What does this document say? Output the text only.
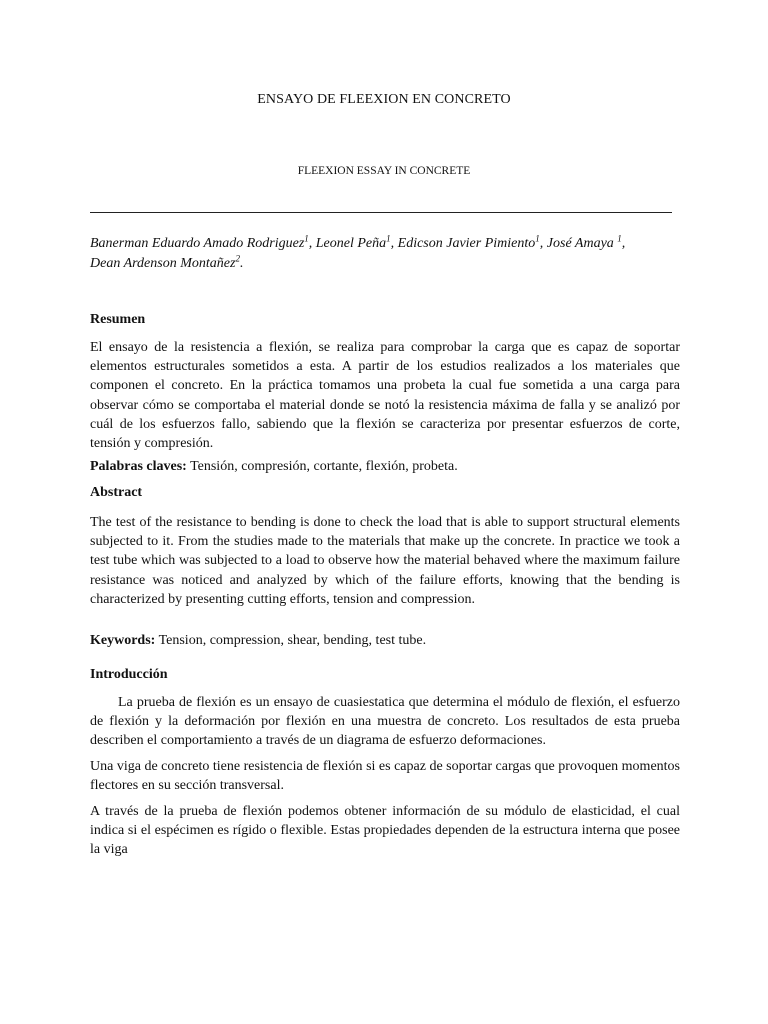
ENSAYO DE FLEEXION EN CONCRETO
FLEEXION ESSAY IN CONCRETE
Banerman Eduardo Amado Rodriguez$^1$, Leonel Peña$^1$, Edicson Javier Pimiento$^1$, José Amaya $^1$,
Dean Ardenson Montañez$^2$.
Resumen
El ensayo de la resistencia a flexión, se realiza para comprobar la carga que es capaz de soportar elementos estructurales sometidos a esta. A partir de los estudios realizados a los materiales que componen el concreto. En la práctica tomamos una probeta la cual fue sometida a una carga para observar cómo se comportaba el material donde se notó la resistencia máxima de falla y se analizó por cuál de los esfuerzos fallo, sabiendo que la flexión se caracteriza por presentar esfuerzos de corte, tensión y compresión.
Palabras claves: Tensión, compresión, cortante, flexión, probeta.
Abstract
The test of the resistance to bending is done to check the load that is able to support structural elements subjected to it. From the studies made to the materials that make up the concrete. In practice we took a test tube which was subjected to a load to observe how the material behaved where the maximum failure resistance was noticed and analyzed by which of the failure efforts, knowing that the bending is characterized by presenting cutting efforts, tension and compression.
Keywords: Tension, compression, shear, bending, test tube.
Introducción
La prueba de flexión es un ensayo de cuasiestatica que determina el módulo de flexión, el esfuerzo de flexión y la deformación por flexión en una muestra de concreto. Los resultados de esta prueba describen el comportamiento a través de un diagrama de esfuerzo deformaciones.
Una viga de concreto tiene resistencia de flexión si es capaz de soportar cargas que provoquen momentos flectores en su sección transversal.
A través de la prueba de flexión podemos obtener información de su módulo de elasticidad, el cual indica si el espécimen es rígido o flexible. Estas propiedades dependen de la estructura interna que posee la viga
